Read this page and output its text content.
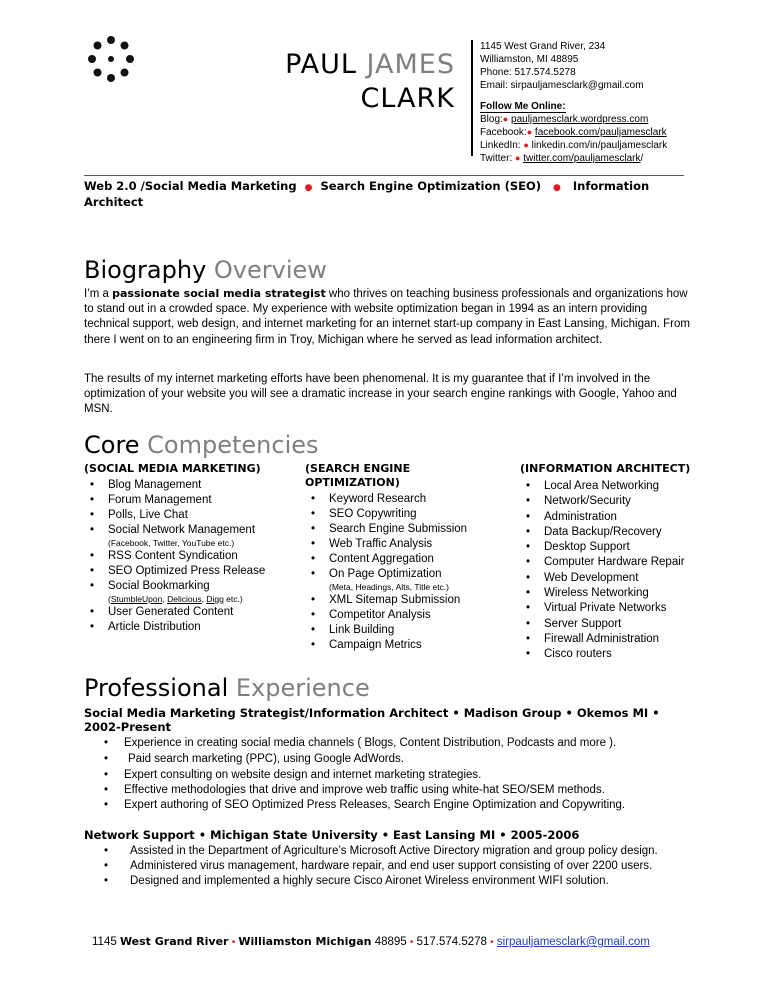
PAUL JAMES
CLARK
1145 West Grand River, 234
Williamston, MI 48895
Phone: 517.574.5278
Email: sirpauljamesclark@gmail.com
Follow Me Online:
Blog:● pauljamesclark.wordpress.com
Facebook:● facebook.com/pauljamesclark
LinkedIn: ● linkedin.com/in/pauljamesclark
Twitter: ● twitter.com/pauljamesclark/
Web 2.0 /Social Media Marketing ● Search Engine Optimization (SEO) ● Information Architect
Biography Overview
I’m a passionate social media strategist who thrives on teaching business professionals and organizations how to stand out in a crowded space. My experience with website optimization began in 1994 as an intern providing technical support, web design, and internet marketing for an internet start-up company in East Lansing, Michigan. From there I went on to an engineering firm in Troy, Michigan where he served as lead information architect.
The results of my internet marketing efforts have been phenomenal. It is my guarantee that if I’m involved in the optimization of your website you will see a dramatic increase in your search engine rankings with Google, Yahoo and MSN.
Core Competencies
(SOCIAL MEDIA MARKETING)
• Blog Management
• Forum Management
• Polls, Live Chat
• Social Network Management
(Facebook, Twitter, YouTube etc.)
• RSS Content Syndication
• SEO Optimized Press Release
• Social Bookmarking
(StumbleUpon, Delicious, Digg etc.)
• User Generated Content
• Article Distribution
(SEARCH ENGINE
OPTIMIZATION)
• Keyword Research
• SEO Copywriting
• Search Engine Submission
• Web Traffic Analysis
• Content Aggregation
• On Page Optimization
(Meta, Headings, Alts, Title etc.)
• XML Sitemap Submission
• Competitor Analysis
• Link Building
• Campaign Metrics
(INFORMATION ARCHITECT)
• Local Area Networking
• Network/Security
• Administration
• Data Backup/Recovery
• Desktop Support
• Computer Hardware Repair
• Web Development
• Wireless Networking
• Virtual Private Networks
• Server Support
• Firewall Administration
• Cisco routers
Professional Experience
Social Media Marketing Strategist/Information Architect • Madison Group • Okemos MI •
2002-Present
• Experience in creating social media channels ( Blogs, Content Distribution, Podcasts and more ).
• Paid search marketing (PPC), using Google AdWords.
• Expert consulting on website design and internet marketing strategies.
• Effective methodologies that drive and improve web traffic using white-hat SEO/SEM methods.
• Expert authoring of SEO Optimized Press Releases, Search Engine Optimization and Copywriting.
Network Support • Michigan State University • East Lansing MI • 2005-2006
• Assisted in the Department of Agriculture’s Microsoft Active Directory migration and group policy design.
• Administered virus management, hardware repair, and end user support consisting of over 2200 users.
• Designed and implemented a highly secure Cisco Aironet Wireless environment WIFI solution.
1145 West Grand River • Williamston Michigan 48895 • 517.574.5278 • sirpauljamesclark@gmail.com
